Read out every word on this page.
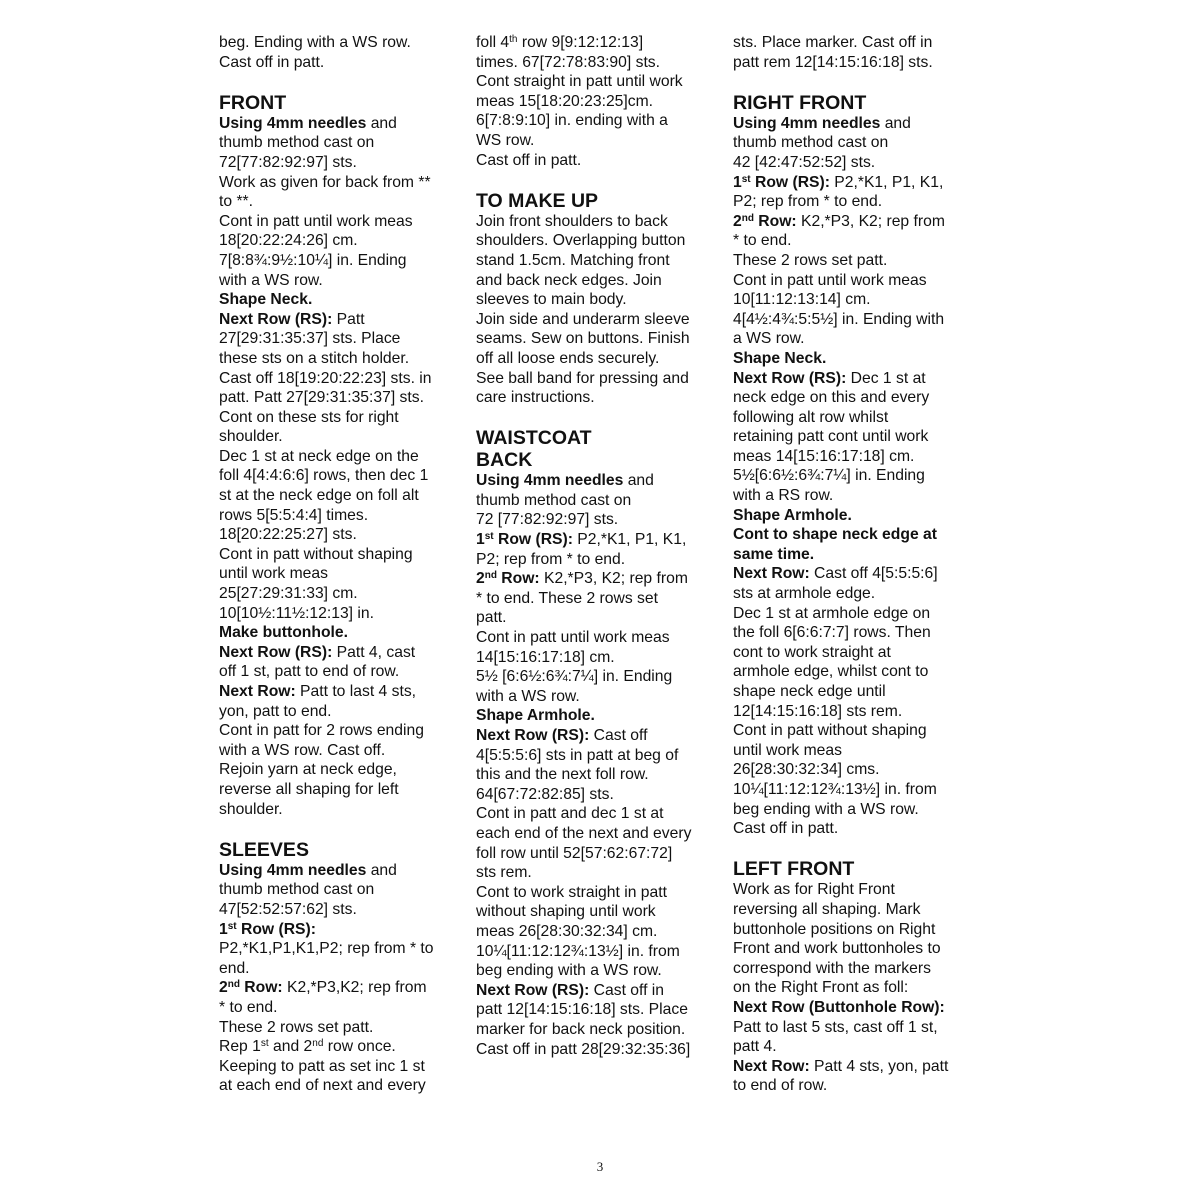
beg. Ending with a WS row.
Cast off in patt.
FRONT
Using 4mm needles and
thumb method cast on
72[77:82:92:97] sts.
Work as given for back from **
to **.
Cont in patt until work meas
18[20:22:24:26] cm.
7[8:8¾:9½:10¼] in. Ending
with a WS row.
Shape Neck.
Next Row (RS): Patt
27[29:31:35:37] sts. Place
these sts on a stitch holder.
Cast off 18[19:20:22:23] sts. in
patt. Patt 27[29:31:35:37] sts.
Cont on these sts for right
shoulder.
Dec 1 st at neck edge on the
foll 4[4:4:6:6] rows, then dec 1
st at the neck edge on foll alt
rows 5[5:5:4:4] times.
18[20:22:25:27] sts.
Cont in patt without shaping
until work meas
25[27:29:31:33] cm.
10[10½:11½:12:13] in.
Make buttonhole.
Next Row (RS): Patt 4, cast
off 1 st, patt to end of row.
Next Row: Patt to last 4 sts,
yon, patt to end.
Cont in patt for 2 rows ending
with a WS row. Cast off.
Rejoin yarn at neck edge,
reverse all shaping for left
shoulder.
SLEEVES
Using 4mm needles and
thumb method cast on
47[52:52:57:62] sts.
1st Row (RS):
P2,*K1,P1,K1,P2; rep from * to
end.
2nd Row: K2,*P3,K2; rep from
* to end.
These 2 rows set patt.
Rep 1st and 2nd row once.
Keeping to patt as set inc 1 st
at each end of next and every
foll 4th row 9[9:12:12:13]
times. 67[72:78:83:90] sts.
Cont straight in patt until work
meas 15[18:20:23:25]cm.
6[7:8:9:10] in. ending with a
WS row.
Cast off in patt.
TO MAKE UP
Join front shoulders to back
shoulders. Overlapping button
stand 1.5cm. Matching front
and back neck edges. Join
sleeves to main body.
Join side and underarm sleeve
seams. Sew on buttons. Finish
off all loose ends securely.
See ball band for pressing and
care instructions.
WAISTCOAT
BACK
Using 4mm needles and
thumb method cast on
72 [77:82:92:97] sts.
1st Row (RS): P2,*K1, P1, K1,
P2; rep from * to end.
2nd Row: K2,*P3, K2; rep from
* to end. These 2 rows set
patt.
Cont in patt until work meas
14[15:16:17:18] cm.
5½ [6:6½:6¾:7¼] in. Ending
with a WS row.
Shape Armhole.
Next Row (RS): Cast off
4[5:5:5:6] sts in patt at beg of
this and the next foll row.
64[67:72:82:85] sts.
Cont in patt and dec 1 st at
each end of the next and every
foll row until 52[57:62:67:72]
sts rem.
Cont to work straight in patt
without shaping until work
meas 26[28:30:32:34] cm.
10¼[11:12:12¾:13½] in. from
beg ending with a WS row.
Next Row (RS): Cast off in
patt 12[14:15:16:18] sts. Place
marker for back neck position.
Cast off in patt 28[29:32:35:36]
sts. Place marker. Cast off in
patt rem 12[14:15:16:18] sts.
RIGHT FRONT
Using 4mm needles and
thumb method cast on
42 [42:47:52:52] sts.
1st Row (RS): P2,*K1, P1, K1,
P2; rep from * to end.
2nd Row: K2,*P3, K2; rep from
* to end.
These 2 rows set patt.
Cont in patt until work meas
10[11:12:13:14] cm.
4[4½:4¾:5:5½] in. Ending with
a WS row.
Shape Neck.
Next Row (RS): Dec 1 st at
neck edge on this and every
following alt row whilst
retaining patt cont until work
meas 14[15:16:17:18] cm.
5½[6:6½:6¾:7¼] in. Ending
with a RS row.
Shape Armhole.
Cont to shape neck edge at
same time.
Next Row: Cast off 4[5:5:5:6]
sts at armhole edge.
Dec 1 st at armhole edge on
the foll 6[6:6:7:7] rows. Then
cont to work straight at
armhole edge, whilst cont to
shape neck edge until
12[14:15:16:18] sts rem.
Cont in patt without shaping
until work meas
26[28:30:32:34] cms.
10¼[11:12:12¾:13½] in. from
beg ending with a WS row.
Cast off in patt.
LEFT FRONT
Work as for Right Front
reversing all shaping. Mark
buttonhole positions on Right
Front and work buttonholes to
correspond with the markers
on the Right Front as foll:
Next Row (Buttonhole Row):
Patt to last 5 sts, cast off 1 st,
patt 4.
Next Row: Patt 4 sts, yon, patt
to end of row.
3
